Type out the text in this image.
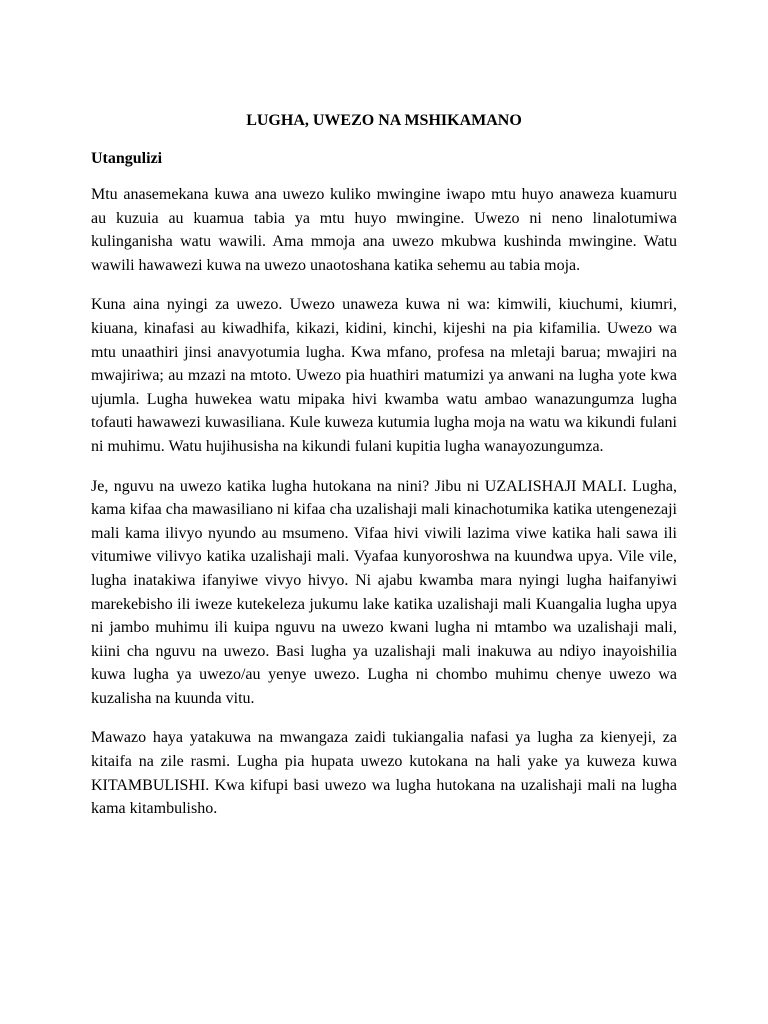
LUGHA, UWEZO NA MSHIKAMANO
Utangulizi

Mtu anasemekana kuwa ana uwezo kuliko mwingine iwapo mtu huyo anaweza kuamuru au kuzuia au kuamua tabia ya mtu huyo mwingine. Uwezo ni neno linalotumiwa kulinganisha watu wawili. Ama mmoja ana uwezo mkubwa kushinda mwingine. Watu wawili hawawezi kuwa na uwezo unaotoshana katika sehemu au tabia moja.

Kuna aina nyingi za uwezo. Uwezo unaweza kuwa ni wa: kimwili, kiuchumi, kiumri, kiuana, kinafasi au kiwadhifa, kikazi, kidini, kinchi, kijeshi na pia kifamilia. Uwezo wa mtu unaathiri jinsi anavyotumia lugha. Kwa mfano, profesa na mletaji barua; mwajiri na mwajiriwa; au mzazi na mtoto. Uwezo pia huathiri matumizi ya anwani na lugha yote kwa ujumla. Lugha huwekea watu mipaka hivi kwamba watu ambao wanazungumza lugha tofauti hawawezi kuwasiliana. Kule kuweza kutumia lugha moja na watu wa kikundi fulani ni muhimu. Watu hujihusisha na kikundi fulani kupitia lugha wanayozungumza.

Je, nguvu na uwezo katika lugha hutokana na nini? Jibu ni UZALISHAJI MALI. Lugha, kama kifaa cha mawasiliano ni kifaa cha uzalishaji mali kinachotumika katika utengenezaji mali kama ilivyo nyundo au msumeno. Vifaa hivi viwili lazima viwe katika hali sawa ili vitumiwe vilivyo katika uzalishaji mali. Vyafaa kunyoroshwa na kuundwa upya. Vile vile, lugha inatakiwa ifanyiwe vivyo hivyo. Ni ajabu kwamba mara nyingi lugha haifanyiwi marekebisho ili iweze kutekeleza jukumu lake katika uzalishaji mali Kuangalia lugha upya ni jambo muhimu ili kuipa nguvu na uwezo kwani lugha ni mtambo wa uzalishaji mali, kiini cha nguvu na uwezo. Basi lugha ya uzalishaji mali inakuwa au ndiyo inayoishilia kuwa lugha ya uwezo/au yenye uwezo. Lugha ni chombo muhimu chenye uwezo wa kuzalisha na kuunda vitu.

Mawazo haya yatakuwa na mwangaza zaidi tukiangalia nafasi ya lugha za kienyeji, za kitaifa na zile rasmi. Lugha pia hupata uwezo kutokana na hali yake ya kuweza kuwa KITAMBULISHI. Kwa kifupi basi uwezo wa lugha hutokana na uzalishaji mali na lugha kama kitambulisho.
